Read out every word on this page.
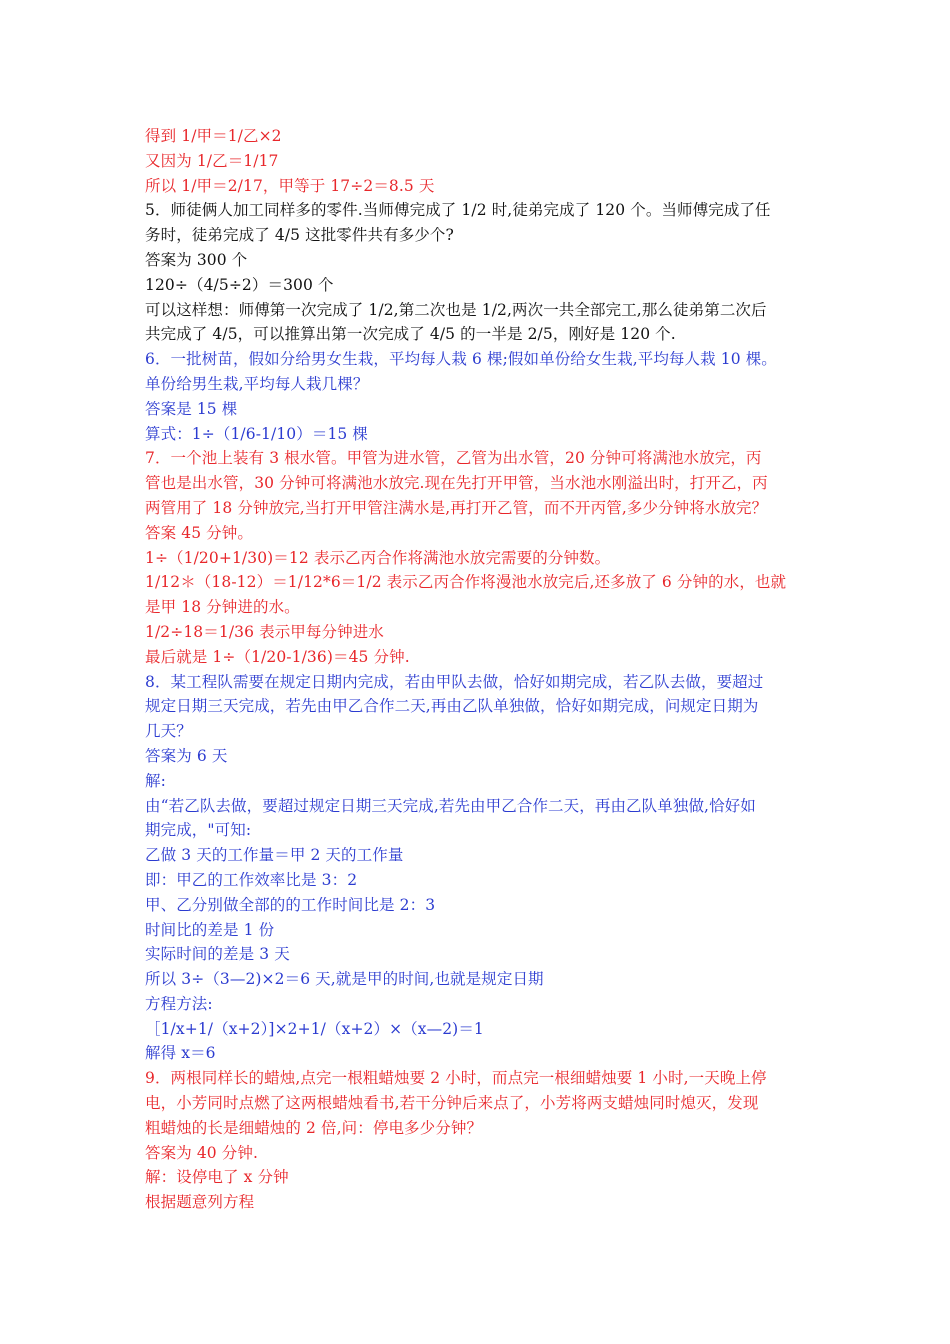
得到 1/甲＝1/乙×2
又因为 1/乙＝1/17
所以 1/甲＝2/17，甲等于 17÷2＝8.5 天
5．师徒俩人加工同样多的零件.当师傅完成了 1/2 时,徒弟完成了 120 个。当师傅完成了任
务时，徒弟完成了 4/5 这批零件共有多少个?
答案为 300 个
120÷（4/5÷2）＝300 个
可以这样想：师傅第一次完成了 1/2,第二次也是 1/2,两次一共全部完工,那么徒弟第二次后
共完成了 4/5，可以推算出第一次完成了 4/5 的一半是 2/5，刚好是 120 个.
6．一批树苗，假如分给男女生栽，平均每人栽 6 棵;假如单份给女生栽,平均每人栽 10 棵。
单份给男生栽,平均每人栽几棵？
答案是 15 棵
算式：1÷（1/6-1/10）＝15 棵
7．一个池上装有 3 根水管。甲管为进水管，乙管为出水管，20 分钟可将满池水放完，丙
管也是出水管，30 分钟可将满池水放完.现在先打开甲管，当水池水刚溢出时，打开乙，丙
两管用了 18 分钟放完,当打开甲管注满水是,再打开乙管，而不开丙管,多少分钟将水放完？
答案 45 分钟。
1÷（1/20+1/30)＝12 表示乙丙合作将满池水放完需要的分钟数。
1/12＊（18-12）＝1/12*6＝1/2 表示乙丙合作将漫池水放完后,还多放了 6 分钟的水，也就
是甲 18 分钟进的水。
1/2÷18＝1/36 表示甲每分钟进水
最后就是 1÷（1/20-1/36)＝45 分钟.
8．某工程队需要在规定日期内完成，若由甲队去做，恰好如期完成，若乙队去做，要超过
规定日期三天完成，若先由甲乙合作二天,再由乙队单独做，恰好如期完成，问规定日期为
几天？
答案为 6 天
解:
由“若乙队去做，要超过规定日期三天完成,若先由甲乙合作二天，再由乙队单独做,恰好如
期完成，"可知:
乙做 3 天的工作量＝甲 2 天的工作量
即：甲乙的工作效率比是 3：2
甲、乙分别做全部的的工作时间比是 2：3
时间比的差是 1 份
实际时间的差是 3 天
所以 3÷（3—2)×2＝6 天,就是甲的时间,也就是规定日期
方程方法:
［1/x+1/（x+2）]×2+1/（x+2）×（x—2)＝1
解得 x＝6
9．两根同样长的蜡烛,点完一根粗蜡烛要 2 小时，而点完一根细蜡烛要 1 小时,一天晚上停
电，小芳同时点燃了这两根蜡烛看书,若干分钟后来点了，小芳将两支蜡烛同时熄灭，发现
粗蜡烛的长是细蜡烛的 2 倍,问：停电多少分钟？
答案为 40 分钟.
解：设停电了 x 分钟
根据题意列方程
